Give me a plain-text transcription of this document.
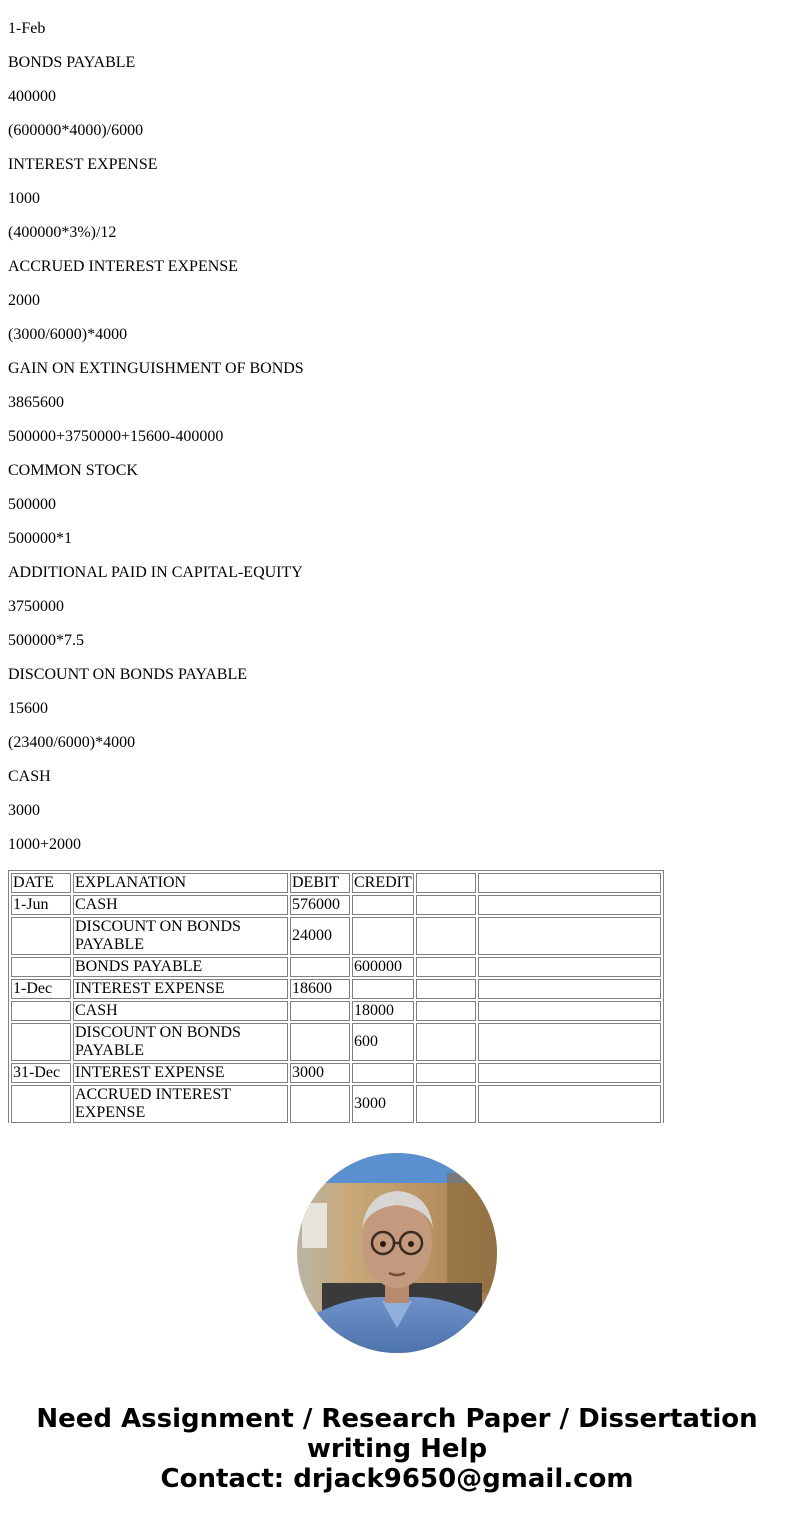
1-Feb

BONDS PAYABLE

400000

(600000*4000)/6000

INTEREST EXPENSE

1000

(400000*3%)/12

ACCRUED INTEREST EXPENSE

2000

(3000/6000)*4000

GAIN ON EXTINGUISHMENT OF BONDS

3865600

500000+3750000+15600-400000

COMMON STOCK

500000

500000*1

ADDITIONAL PAID IN CAPITAL-EQUITY

3750000

500000*7.5

DISCOUNT ON BONDS PAYABLE

15600

(23400/6000)*4000

CASH

3000

1000+2000

DATE	EXPLANATION	DEBIT	CREDIT		
1-Jun	CASH	576000			
	DISCOUNT ON BONDS PAYABLE	24000			
	BONDS PAYABLE		600000		
1-Dec	INTEREST EXPENSE	18600			
	CASH		18000		
	DISCOUNT ON BONDS PAYABLE		600		
31-Dec	INTEREST EXPENSE	3000			
	ACCRUED INTEREST EXPENSE		3000		
Need Assignment / Research Paper / Dissertation
writing Help
Contact: drjack9650@gmail.com
